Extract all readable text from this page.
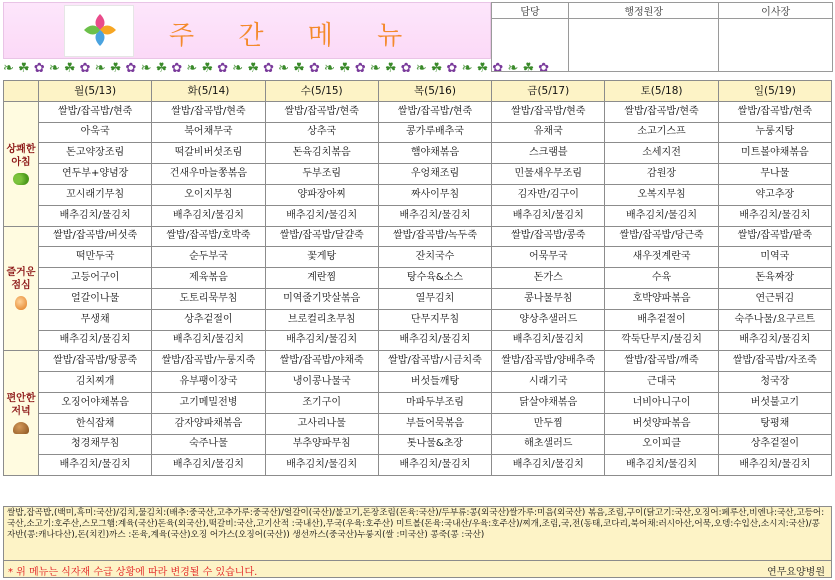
주 간 메 뉴
❧ ☘ ✿ ❧ ☘ ✿ ❧ ☘ ✿ ❧ ☘ ✿ ❧ ☘ ✿ ❧ ☘ ✿ ❧ ☘ ✿ ❧ ☘ ✿ ❧ ☘ ✿ ❧ ☘ ✿ ❧ ☘ ✿ ❧ ☘ ✿
담당	행정원장	이사장

	월(5/13)	화(5/14)	수(5/15)	목(5/16)	금(5/17)	토(5/18)	일(5/19)

상쾌한
아침	쌀밥/잡곡밥/현죽	쌀밥/잡곡밥/현죽	쌀밥/잡곡밥/현죽	쌀밥/잡곡밥/현죽	쌀밥/잡곡밥/현죽	쌀밥/잡곡밥/현죽	쌀밥/잡곡밥/현죽
	아욱국	북어채무국	상추국	콩가루배추국	유채국	소고기스프	누룽지탕
	돈고약장조림	떡갈비버섯조림	돈육김치볶음	햄야채볶음	스크램블	소세지전	미트볼야채볶음
	연두부+양념장	건새우마늘쫑볶음	두부조림	우엉채조림	민물새우무조림	감원장	무나물
	꼬시래기무침	오이지무침	양파장아찌	짜사이무침	김자반/김구이	오복지무침	약고추장
	배추김치/물김치	배추김치/물김치	배추김치/물김치	배추김치/물김치	배추김치/물김치	배추김치/물김치	배추김치/물김치

즐거운
점심	쌀밥/잡곡밥/버섯죽	쌀밥/잡곡밥/호박죽	쌀밥/잡곡밥/달걀죽	쌀밥/잡곡밥/녹두죽	쌀밥/잡곡밥/콩죽	쌀밥/잡곡밥/당근죽	쌀밥/잡곡밥/팥죽
	떡만두국	순두부국	꽃게탕	잔치국수	어묵무국	새우젓계란국	미역국
	고등어구이	제육볶음	계란찜	탕수육&소스	돈가스	수육	돈육짜장
	얼갈이나물	도토리묵무침	미역줄기맛살볶음	열무김치	콩나물무침	호박양파볶음	연근튀김
	무생채	상추겉절이	브로컬리초무침	단무지무침	양상추샐러드	배추겉절이	숙주나물/요구르트
	배추김치/물김치	배추김치/물김치	배추김치/물김치	배추김치/물김치	배추김치/물김치	깍둑단무지/물김치	배추김치/물김치

편안한
저녁	쌀밥/잡곡밥/땅콩죽	쌀밥/잡곡밥/누룽지죽	쌀밥/잡곡밥/야채죽	쌀밥/잡곡밥/시금치죽	쌀밥/잡곡밥/양배추죽	쌀밥/잡곡밥/깨죽	쌀밥/잡곡밥/자조죽
	김치찌개	유부팽이장국	냉이콩나물국	버섯들깨탕	시래기국	근대국	청국장
	오징어야채볶음	고기메밀전병	조기구이	마파두부조림	닭살야채볶음	너비아니구이	버섯불고기
	한식잡채	감자양파채볶음	고사리나물	부들어묵볶음	만두찜	버섯양파볶음	탕평채
	청경채무침	숙주나물	부추양파무침	톳나물&초장	해초샐러드	오이피클	상추겉절이
	배추김치/물김치	배추김치/물김치	배추김치/물김치	배추김치/물김치	배추김치/물김치	배추김치/물김치	배추김치/물김치
쌀밥,잡곡밥,(백미,흑미:국산)/김치,물김치:(배추:중국산,고추가루:중국산)/얼갈이(국산)/불고기,돈장조림(돈육:국산)/두부류:콩(외국산)쌀가루:미음(외국산) 볶음,조림,구이(닭고기:국산,오징어:페루산,비엔나:국산,고등어:국산,소고기:호주산,스모그햄:계육(국산)돈육(외국산),떡갈비:국산,고기산적 :국내산),무국(우육:호주산) 미트볼(돈육:국내산/우육:호주산)/찌개,조림,국,전(동태,코다리,북어채:러시아산,어묵,오뎅:수입산,소시지:국산)/콩자반(콩:캐나다산),돈(치킨)까스 :돈육,계육(국산)오징 어가스(오징어(국산)) 생선까스(중국산)누룽지(쌀 :미국산) 콩죽(콩 :국산)
* 위 메뉴는 식자재 수급 상황에 따라 변경될 수 있습니다.	연무요양병원
